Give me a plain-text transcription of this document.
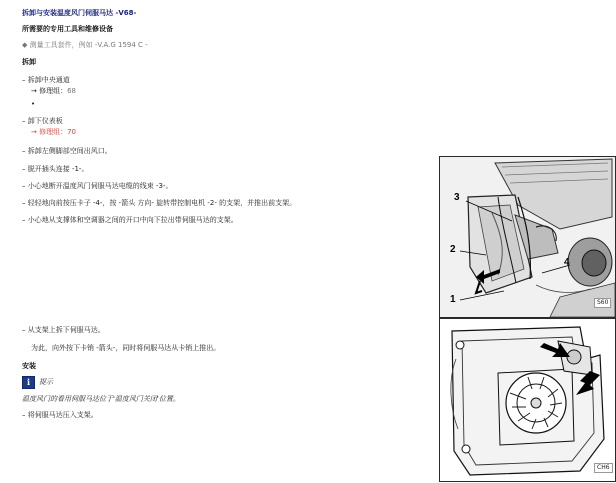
拆卸与安装温度风门伺服马达 -V68-
所需要的专用工具和维修设备
◆ 测量工具套件，例如 -V.A.G 1594 C -
拆卸
– 拆卸中央通道
→ 修理组：68
•
– 卸下仪表板
→ 修理组：70
– 拆卸左侧脚部空间出风口。
– 脱开插头连接 -1-。
– 小心地断开温度风门伺服马达电缆的线束 -3-。
– 轻轻地向前按压卡子 -4-，按 -箭头 方向- 旋转带控制电机 -2- 的支架，并推出前支架。
– 小心地从支撑体和空调器之间的开口中向下拉出带伺服马达的支架。
– 从支架上拆下伺服马达。
为此，向外按下卡销 -箭头-，同时将伺服马达从卡销上推出。
安装
i	提示
温度风门的看用伺服马达位于'温度风门关闭'位置。
– 将伺服马达压入支架。
1
2
3
4
S60
CH6
